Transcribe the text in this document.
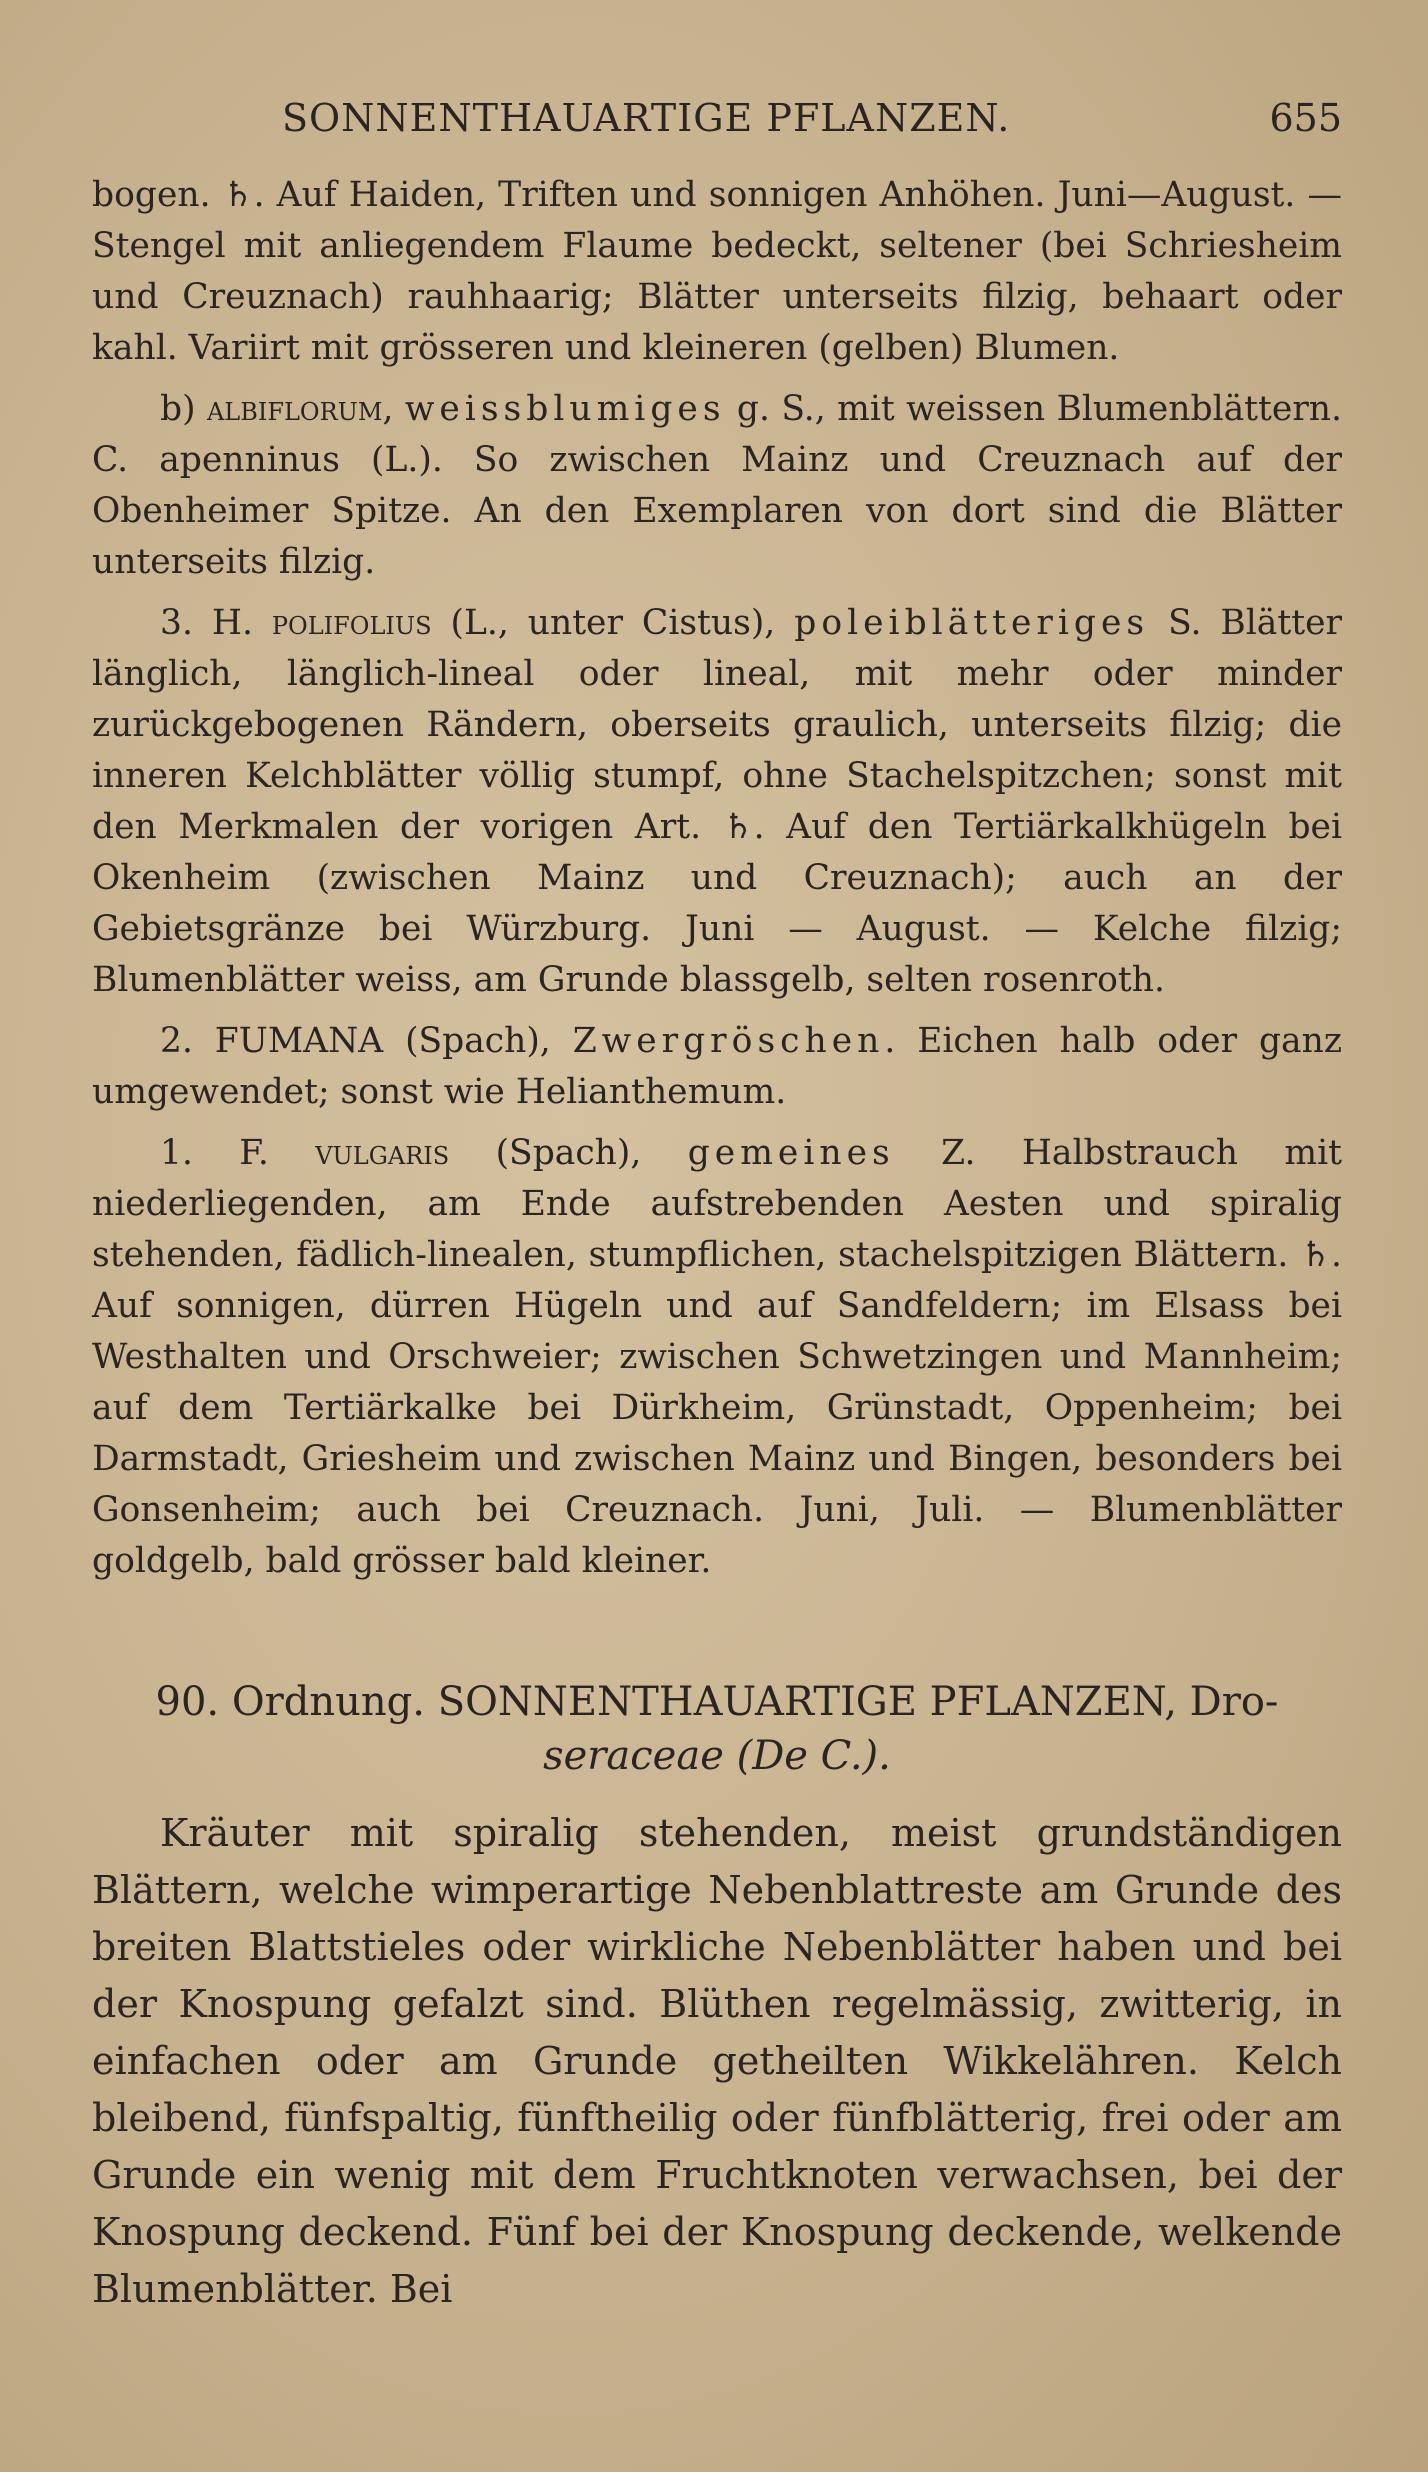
SONNENTHAUARTIGE PFLANZEN.	655

bogen. ♄. Auf Haiden, Triften und sonnigen Anhöhen. Juni—August. — Stengel mit anliegendem Flaume bedeckt, seltener (bei Schriesheim und Creuznach) rauhhaarig; Blätter unterseits filzig, behaart oder kahl. Variirt mit grösseren und kleineren (gelben) Blumen.

b) albiflorum, weissblumiges g. S., mit weissen Blumenblättern. C. apenninus (L.). So zwischen Mainz und Creuznach auf der Obenheimer Spitze. An den Exemplaren von dort sind die Blätter unterseits filzig.

3. H. polifolius (L., unter Cistus), poleiblätteriges S. Blätter länglich, länglich-lineal oder lineal, mit mehr oder minder zurückgebogenen Rändern, oberseits graulich, unterseits filzig; die inneren Kelchblätter völlig stumpf, ohne Stachelspitzchen; sonst mit den Merkmalen der vorigen Art. ♄. Auf den Tertiärkalkhügeln bei Okenheim (zwischen Mainz und Creuznach); auch an der Gebietsgränze bei Würzburg. Juni — August. — Kelche filzig; Blumenblätter weiss, am Grunde blassgelb, selten rosenroth.

2. FUMANA (Spach), Zwergröschen. Eichen halb oder ganz umgewendet; sonst wie Helianthemum.

1. F. vulgaris (Spach), gemeines Z. Halbstrauch mit niederliegenden, am Ende aufstrebenden Aesten und spiralig stehenden, fädlich-linealen, stumpflichen, stachelspitzigen Blättern. ♄. Auf sonnigen, dürren Hügeln und auf Sandfeldern; im Elsass bei Westhalten und Orschweier; zwischen Schwetzingen und Mannheim; auf dem Tertiärkalke bei Dürkheim, Grünstadt, Oppenheim; bei Darmstadt, Griesheim und zwischen Mainz und Bingen, besonders bei Gonsenheim; auch bei Creuznach. Juni, Juli. — Blumenblätter goldgelb, bald grösser bald kleiner.

90. Ordnung. SONNENTHAUARTIGE PFLANZEN, Dro-

seraceae (De C.).

Kräuter mit spiralig stehenden, meist grundständigen Blättern, welche wimperartige Nebenblattreste am Grunde des breiten Blattstieles oder wirkliche Nebenblätter haben und bei der Knospung gefalzt sind. Blüthen regelmässig, zwitterig, in einfachen oder am Grunde getheilten Wikkelähren. Kelch bleibend, fünfspaltig, fünftheilig oder fünfblätterig, frei oder am Grunde ein wenig mit dem Fruchtknoten verwachsen, bei der Knospung deckend. Fünf bei der Knospung deckende, welkende Blumenblätter. Bei
